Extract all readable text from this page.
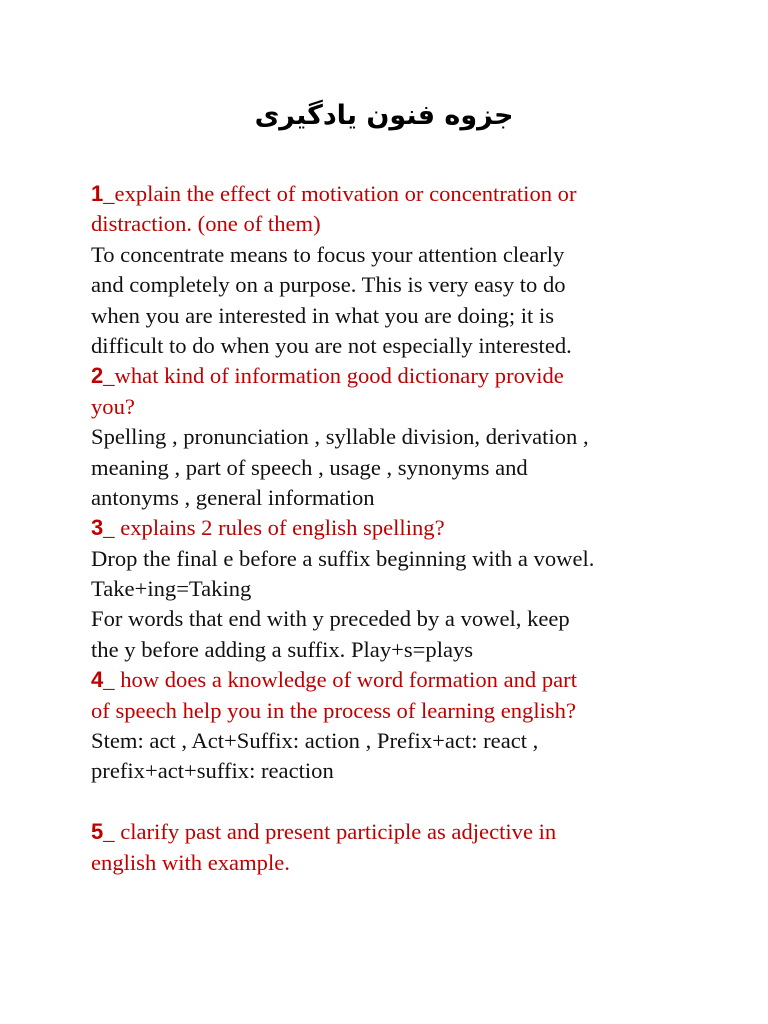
جزوه فنون یادگیری
1_explain the effect of motivation or concentration or
distraction. (one of them)
To concentrate means to focus your attention clearly
and completely on a purpose. This is very easy to do
when you are interested in what you are doing; it is
difficult to do when you are not especially interested.
2_what kind of information good dictionary provide
you?
Spelling , pronunciation , syllable division, derivation ,
meaning , part of speech , usage , synonyms and
antonyms , general information
3_ explains 2 rules of english spelling?
Drop the final e before a suffix beginning with a vowel.
Take+ing=Taking
For words that end with y preceded by a vowel, keep
the y before adding a suffix. Play+s=plays
4_ how does a knowledge of word formation and part
of speech help you in the process of learning english?
Stem: act , Act+Suffix: action , Prefix+act: react ,
prefix+act+suffix: reaction
5_ clarify past and present participle as adjective in
english with example.
